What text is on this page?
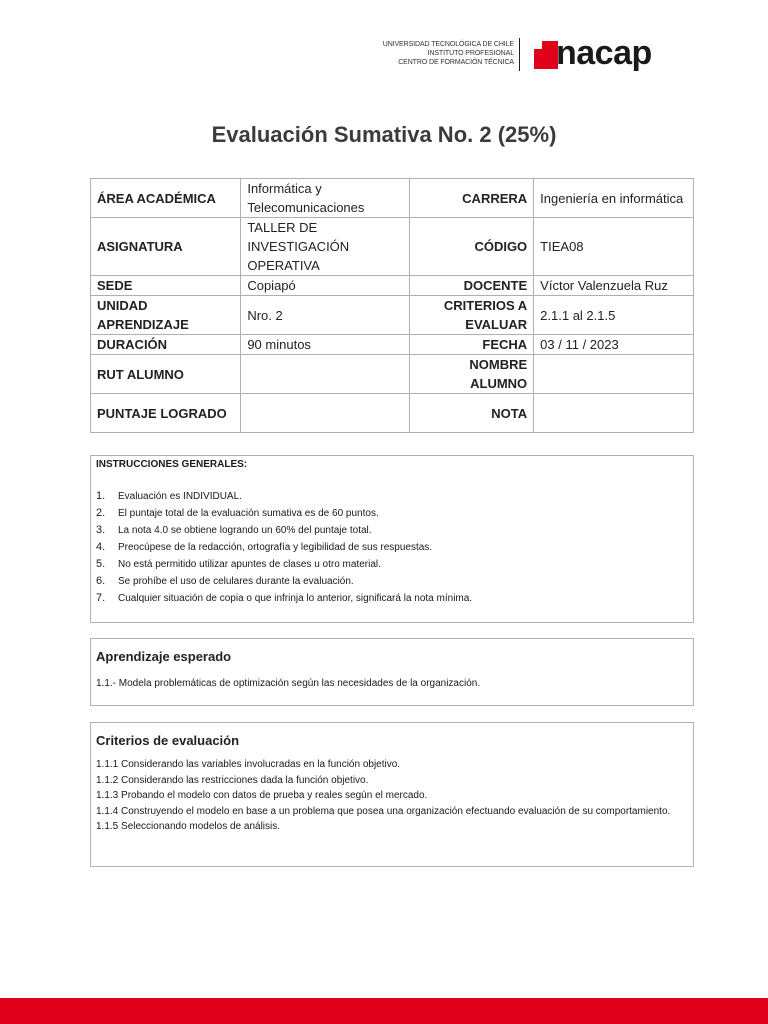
UNIVERSIDAD TECNOLÓGICA DE CHILE
INSTITUTO PROFESIONAL
CENTRO DE FORMACIÓN TÉCNICA nacap
Evaluación Sumativa No. 2 (25%)
ÁREA ACADÉMICA	Informática y Telecomunicaciones	CARRERA	Ingeniería en informática
ASIGNATURA	TALLER DE INVESTIGACIÓN OPERATIVA	CÓDIGO	TIEA08
SEDE	Copiapó	DOCENTE	Víctor Valenzuela Ruz
UNIDAD APRENDIZAJE	Nro. 2	CRITERIOS A EVALUAR	2.1.1 al 2.1.5
DURACIÓN	90 minutos	FECHA	03 / 11 / 2023
RUT ALUMNO		NOMBRE ALUMNO	
PUNTAJE LOGRADO		NOTA	
INSTRUCCIONES GENERALES:
1. Evaluación es INDIVIDUAL.
2. El puntaje total de la evaluación sumativa es de 60 puntos.
3. La nota 4.0 se obtiene logrando un 60% del puntaje total.
4. Preocúpese de la redacción, ortografía y legibilidad de sus respuestas.
5. No está permitido utilizar apuntes de clases u otro material.
6. Se prohíbe el uso de celulares durante la evaluación.
7. Cualquier situación de copia o que infrinja lo anterior, significará la nota mínima.
Aprendizaje esperado
1.1.- Modela problemáticas de optimización según las necesidades de la organización.
Criterios de evaluación
1.1.1 Considerando las variables involucradas en la función objetivo.
1.1.2 Considerando las restricciones dada la función objetivo.
1.1.3 Probando el modelo con datos de prueba y reales según el mercado.
1.1.4 Construyendo el modelo en base a un problema que posea una organización efectuando evaluación de su comportamiento.
1.1.5 Seleccionando modelos de análisis.
